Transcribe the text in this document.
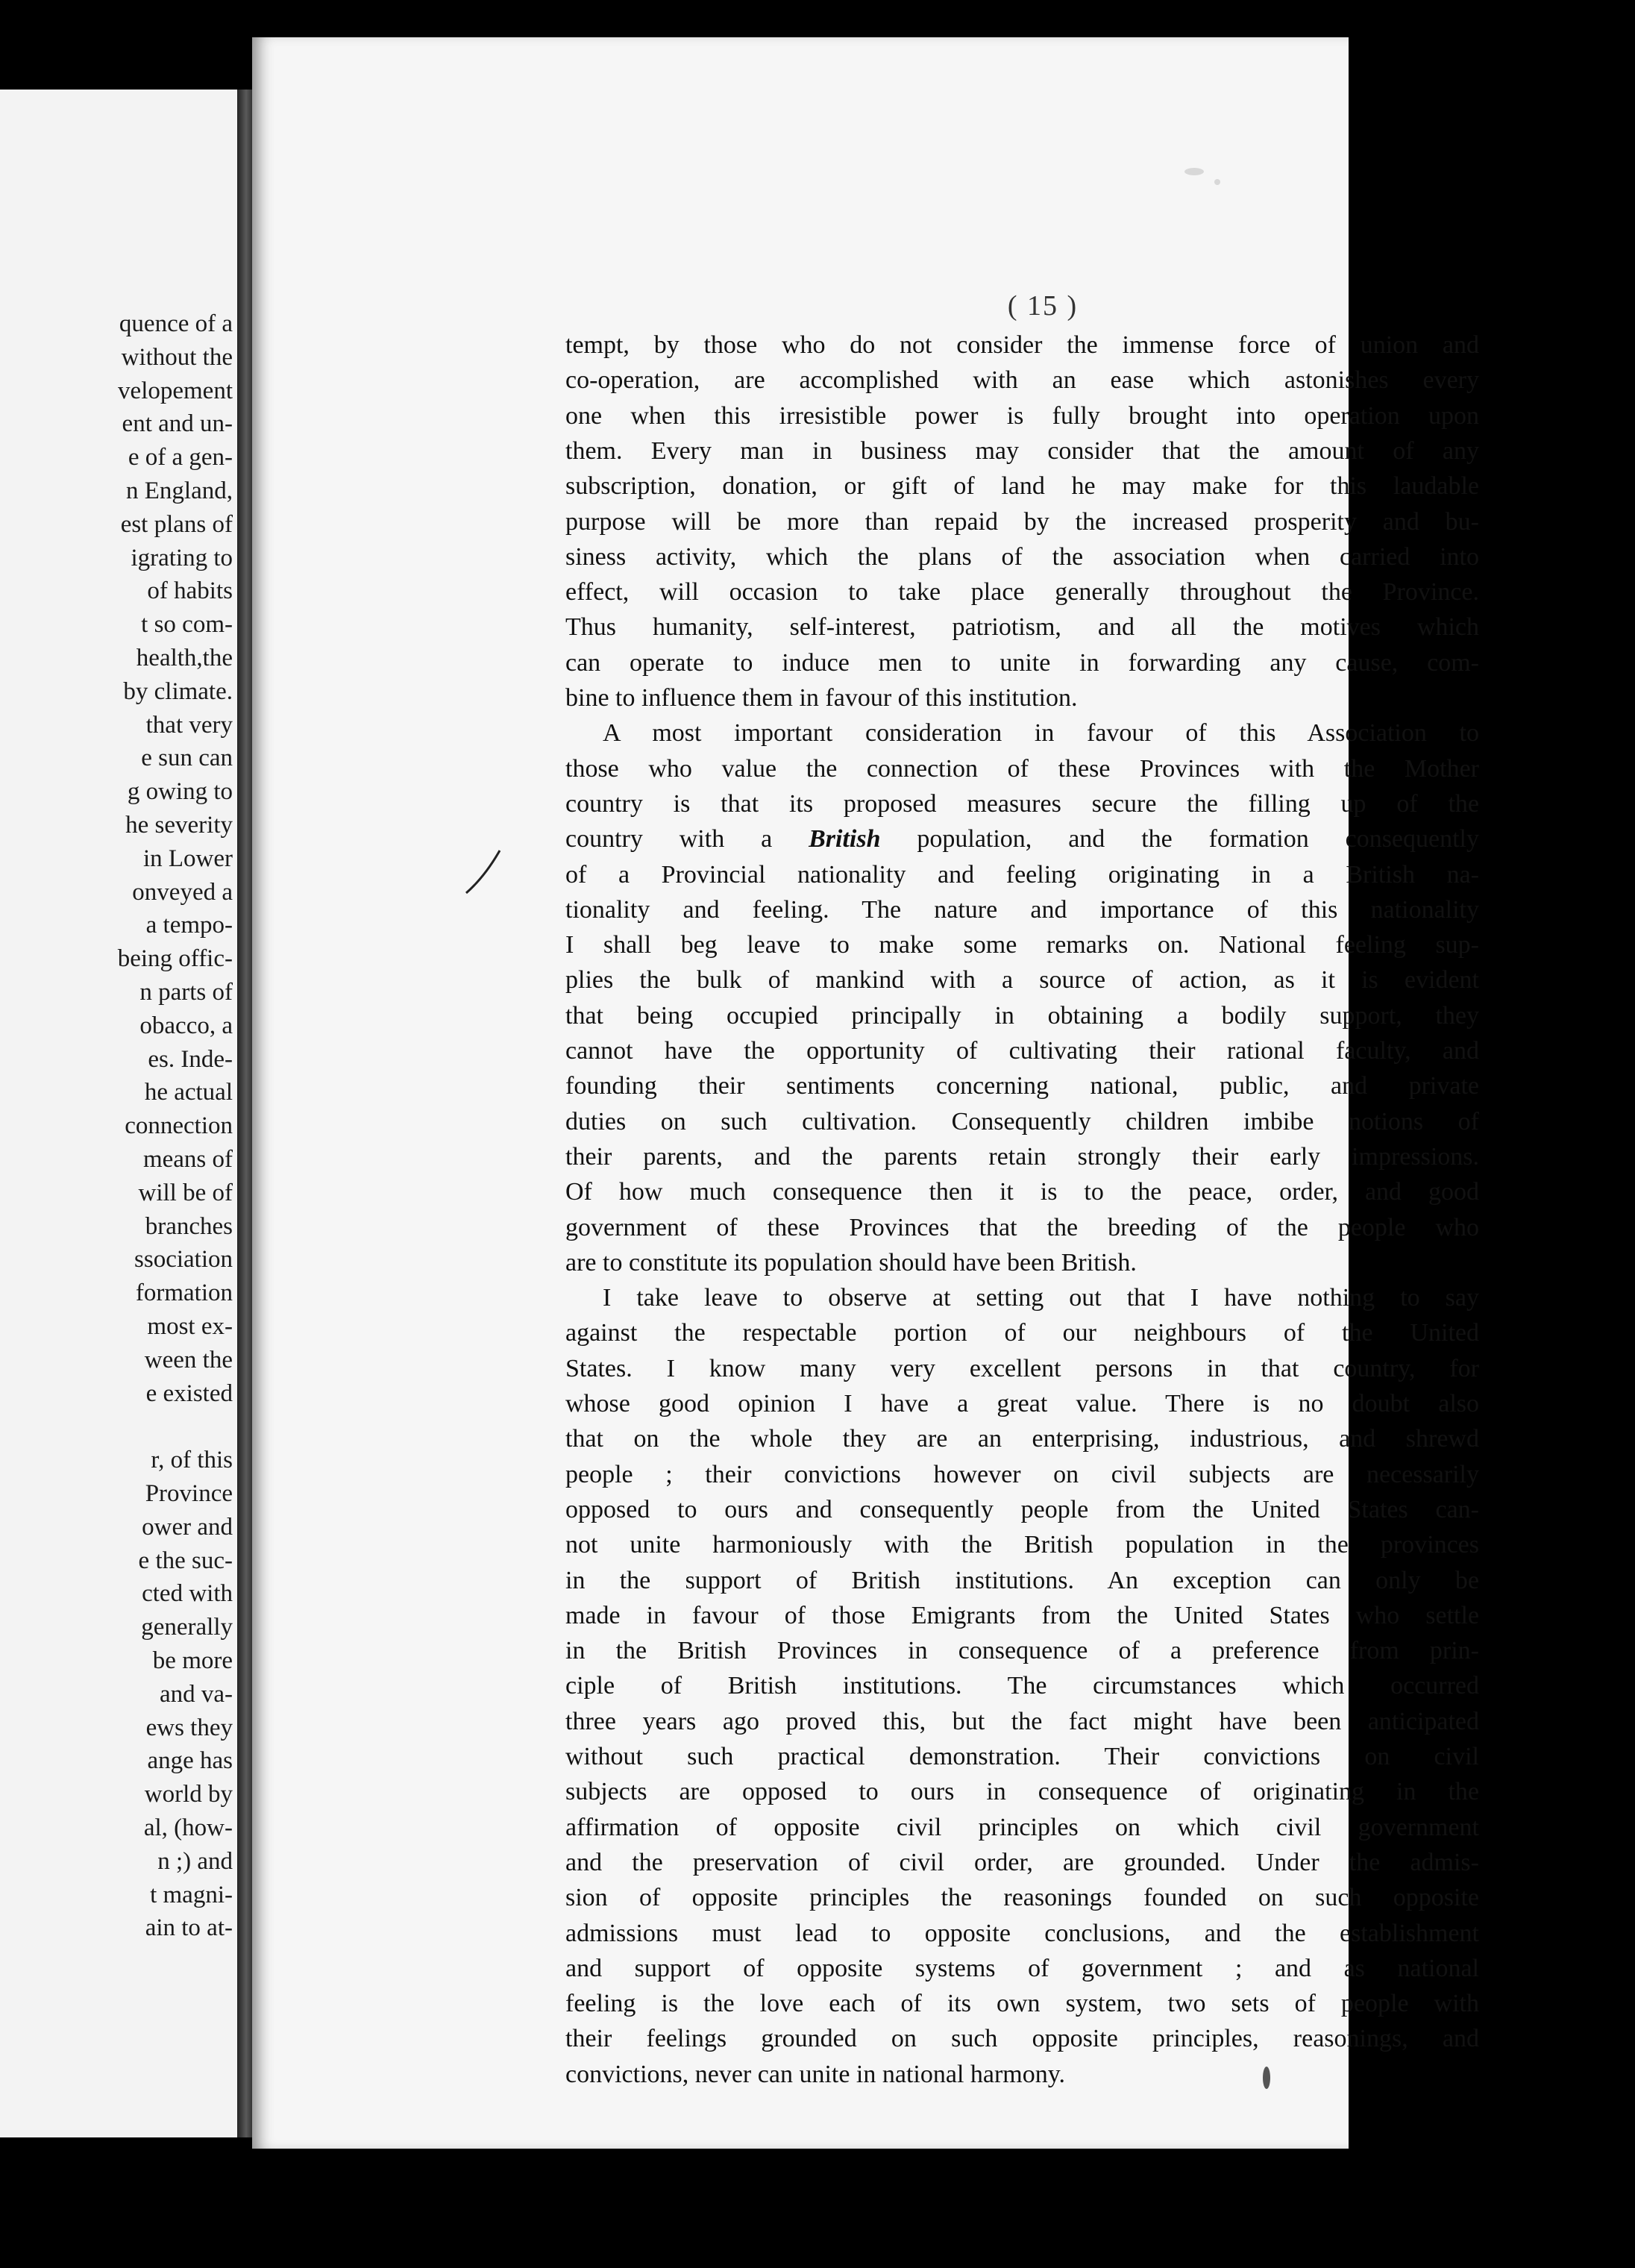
quence of a
without the
velopement
ent and un-
e of a gen-
n England,
est plans of
igrating to
of habits
t so com-
health,the
by climate.
that very
e sun can
g owing to
he severity
in Lower
onveyed a
a tempo-
being offic-
n parts of
obacco, a
es. Inde-
he actual
connection
means of
will be of
branches
ssociation
formation
most ex-
ween the
e existed
r, of this
Province
ower and
e the suc-
cted with
generally
be more
and va-
ews they
ange has
world by
al, (how-
n ;) and
t magni-
ain to at-
( 15 )
tempt, by those who do not consider the immense force of union and
co-operation, are accomplished with an ease which astonishes every
one when this irresistible power is fully brought into operation upon
them. Every man in business may consider that the amount of any
subscription, donation, or gift of land he may make for this laudable
purpose will be more than repaid by the increased prosperity and bu-
siness activity, which the plans of the association when carried into
effect, will occasion to take place generally throughout the Province.
Thus humanity, self-interest, patriotism, and all the motives which
can operate to induce men to unite in forwarding any cause, com-
bine to influence them in favour of this institution.
A most important consideration in favour of this Association to
those who value the connection of these Provinces with the Mother
country is that its proposed measures secure the filling up of the
country with a British population, and the formation consequently
of a Provincial nationality and feeling originating in a British na-
tionality and feeling. The nature and importance of this nationality
I shall beg leave to make some remarks on. National feeling sup-
plies the bulk of mankind with a source of action, as it is evident
that being occupied principally in obtaining a bodily support, they
cannot have the opportunity of cultivating their rational faculty, and
founding their sentiments concerning national, public, and private
duties on such cultivation. Consequently children imbibe notions of
their parents, and the parents retain strongly their early impressions.
Of how much consequence then it is to the peace, order, and good
government of these Provinces that the breeding of the people who
are to constitute its population should have been British.
I take leave to observe at setting out that I have nothing to say
against the respectable portion of our neighbours of the United
States. I know many very excellent persons in that country, for
whose good opinion I have a great value. There is no doubt also
that on the whole they are an enterprising, industrious, and shrewd
people ; their convictions however on civil subjects are necessarily
opposed to ours and consequently people from the United States can-
not unite harmoniously with the British population in the provinces
in the support of British institutions. An exception can only be
made in favour of those Emigrants from the United States who settle
in the British Provinces in consequence of a preference from prin-
ciple of British institutions. The circumstances which occurred
three years ago proved this, but the fact might have been anticipated
without such practical demonstration. Their convictions on civil
subjects are opposed to ours in consequence of originating in the
affirmation of opposite civil principles on which civil government
and the preservation of civil order, are grounded. Under the admis-
sion of opposite principles the reasonings founded on such opposite
admissions must lead to opposite conclusions, and the establishment
and support of opposite systems of government ; and as national
feeling is the love each of its own system, two sets of people with
their feelings grounded on such opposite principles, reasonings, and
convictions, never can unite in national harmony.
